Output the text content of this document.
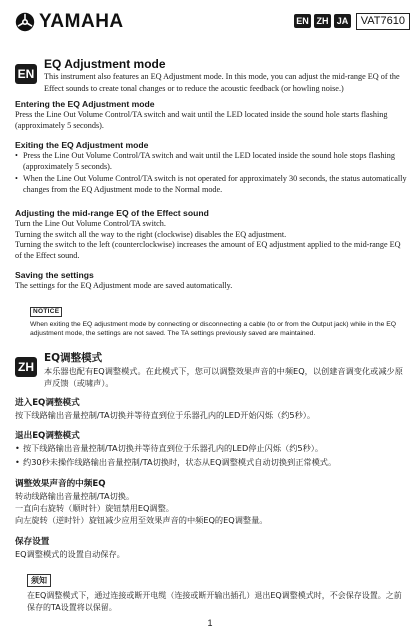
YAMAHA	EN ZH JA	VAT7610
EN
EQ Adjustment mode
This instrument also features an EQ Adjustment mode. In this mode, you can adjust the mid-range EQ of the Effect sounds to create tonal changes or to reduce the acoustic feedback (or howling noise.)

Entering the EQ Adjustment mode

Press the Line Out Volume Control/TA switch and wait until the LED located inside the sound hole starts flashing (approximately 5 seconds).

Exiting the EQ Adjustment mode

• Press the Line Out Volume Control/TA switch and wait until the LED located inside the sound hole stops flashing (approximately 5 seconds).
• When the Line Out Volume Control/TA switch is not operated for approximately 30 seconds, the status automatically changes from the EQ Adjustment mode to the Normal mode.

Adjusting the mid-range EQ of the Effect sound

Turn the Line Out Volume Control/TA switch.

Turning the switch all the way to the right (clockwise) disables the EQ adjustment.

Turning the switch to the left (counterclockwise) increases the amount of EQ adjustment applied to the mid-range EQ of the Effect sound.

Saving the settings

The settings for the EQ Adjustment mode are saved automatically.

NOTICE

When exiting the EQ adjustment mode by connecting or disconnecting a cable (to or from the Output jack) while in the EQ adjustment mode, the settings are not saved. The TA settings previously saved are maintained.

ZH
EQ调整模式
本乐器也配有EQ调整模式。在此模式下，您可以调整效果声音的中频EQ，以创建音调变化或减少原声反馈（或啸声）。

进入EQ调整模式

按下线路输出音量控制/TA切换并等待直到位于乐器孔内的LED开始闪烁（约5秒）。

退出EQ调整模式

• 按下线路输出音量控制/TA切换并等待直到位于乐器孔内的LED停止闪烁（约5秒）。
• 约30秒未操作线路输出音量控制/TA切换时，状态从EQ调整模式自动切换到正常模式。

调整效果声音的中频EQ

转动线路输出音量控制/TA切换。

一直向右旋转（顺时针）旋钮禁用EQ调整。

向左旋转（逆时针）旋钮减少应用至效果声音的中频EQ的EQ调整量。

保存设置

EQ调整模式的设置自动保存。

须知

在EQ调整模式下，通过连接或断开电缆（连接或断开输出插孔）退出EQ调整模式时，不会保存设置。之前保存的TA设置将以保留。

1
